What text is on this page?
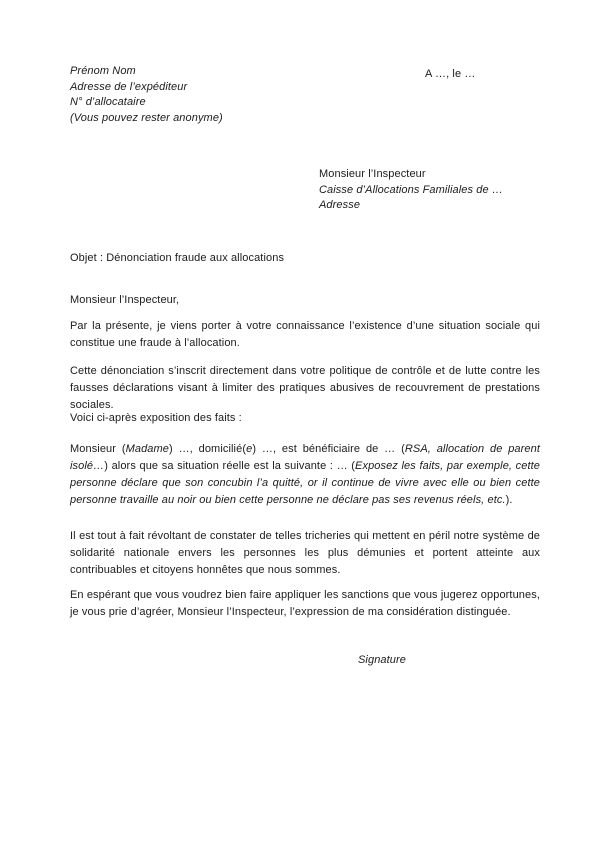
Prénom Nom
Adresse de l’expéditeur
N° d’allocataire
(Vous pouvez rester anonyme)
A …, le …
Monsieur l’Inspecteur
Caisse d’Allocations Familiales de …
Adresse
Objet : Dénonciation fraude aux allocations
Monsieur l’Inspecteur,

Par la présente, je viens porter à votre connaissance l’existence d’une situation sociale qui constitue une fraude à l’allocation.

Cette dénonciation s’inscrit directement dans votre politique de contrôle et de lutte contre les fausses déclarations visant à limiter des pratiques abusives de recouvrement de prestations sociales.

Voici ci-après exposition des faits :

Monsieur (Madame) …, domicilié(e) …, est bénéficiaire de … (RSA, allocation de parent isolé…) alors que sa situation réelle est la suivante : … (Exposez les faits, par exemple, cette personne déclare que son concubin l’a quitté, or il continue de vivre avec elle ou bien cette personne travaille au noir ou bien cette personne ne déclare pas ses revenus réels, etc.).

Il est tout à fait révoltant de constater de telles tricheries qui mettent en péril notre système de solidarité nationale envers les personnes les plus démunies et portent atteinte aux contribuables et citoyens honnêtes que nous sommes.

En espérant que vous voudrez bien faire appliquer les sanctions que vous jugerez opportunes, je vous prie d’agréer, Monsieur l’Inspecteur, l’expression de ma considération distinguée.

Signature
